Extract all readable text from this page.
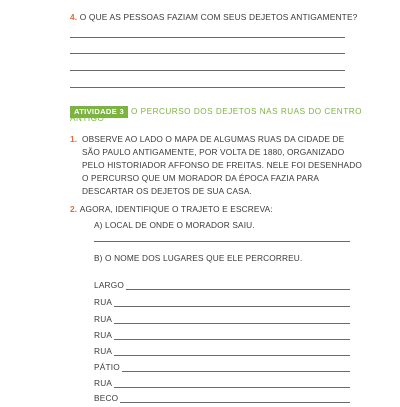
4. O QUE AS PESSOAS FAZIAM COM SEUS DEJETOS ANTIGAMENTE?
ATIVIDADE 3 O PERCURSO DOS DEJETOS NAS RUAS DO CENTRO
ANTIGO
1. OBSERVE AO LADO O MAPA DE ALGUMAS RUAS DA CIDADE DE
SÃO PAULO ANTIGAMENTE, POR VOLTA DE 1880, ORGANIZADO
PELO HISTORIADOR AFFONSO DE FREITAS. NELE FOI DESENHADO
O PERCURSO QUE UM MORADOR DA ÉPOCA FAZIA PARA
DESCARTAR OS DEJETOS DE SUA CASA.
2. AGORA, IDENTIFIQUE O TRAJETO E ESCREVA:
A) LOCAL DE ONDE O MORADOR SAIU.
B) O NOME DOS LUGARES QUE ELE PERCORREU.
LARGO
RUA
RUA
RUA
RUA
PÁTIO
RUA
BECO
